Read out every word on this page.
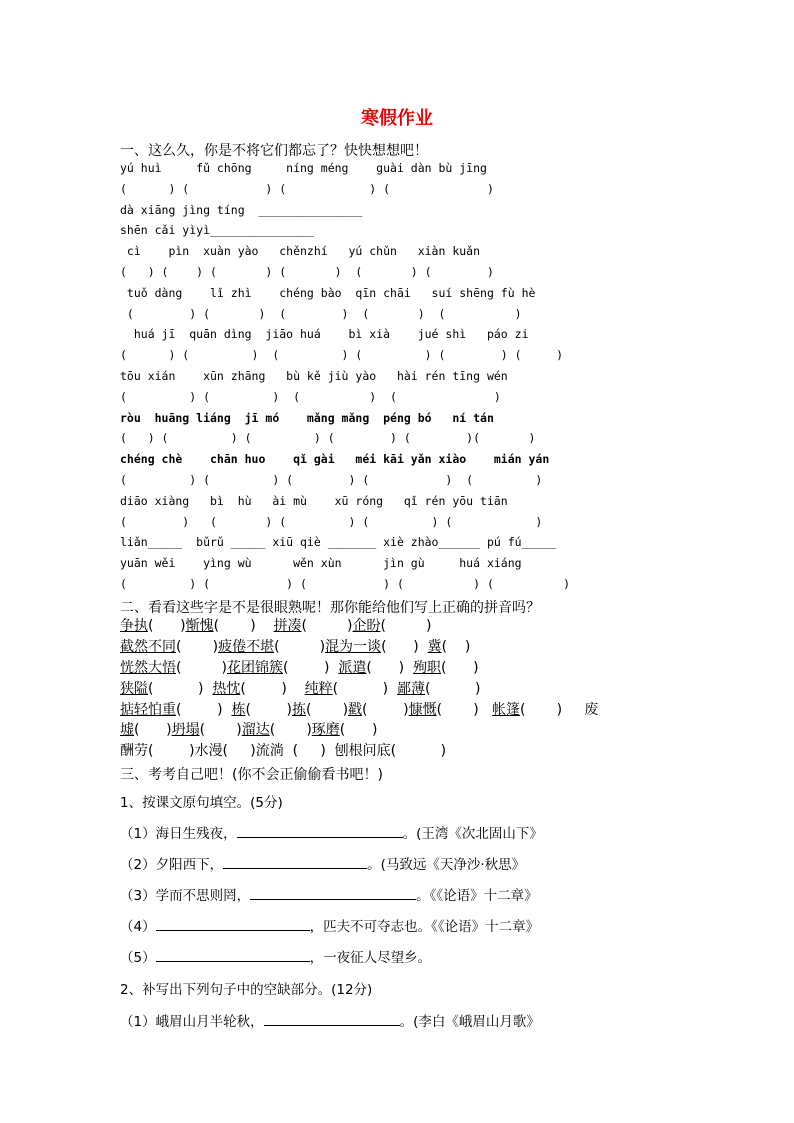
寒假作业
一、这么久，你是不将它们都忘了？快快想想吧！
yú huì     fǔ chōng     níng méng    guài dàn bù jīng
(      ) (           ) (            ) (              )
dà xiāng jìng tíng  _______________
shēn cǎi yìyì_______________
cì    pìn  xuàn yào   chěnzhí   yú chǔn   xiàn kuǎn
(   ) (    ) (       ) (       )  (       ) (        )
tuǒ dàng    lǐ zhì    chéng bào  qīn chāi   suí shēng fù hè
(        ) (       )  (        )  (       )  (          )
huá jī  quān dìng  jiāo huá    bì xià    jué shì   páo zi
(      ) (         )  (         ) (         ) (        ) (     )
tōu xián    xūn zhāng   bù kě jiù yào   hài rén tīng wén
(         ) (         )  (          )  (              )
ròu  huāng liáng  jī mó    mǎng mǎng  péng bó   ní tán
(   ) (         ) (         ) (        ) (        )(       )
chéng chè    chān huo    qǐ gài   méi kāi yǎn xiào    mián yán
(         ) (         ) (        ) (           )  (         )
diāo xiàng   bì  hù   ài mù    xū róng   qǐ rén yōu tiān
(        )   (       ) (         ) (         ) (            )
liǎn_____  bǔrǔ _____ xiū qiè _______ xiè zhào______ pú fú_____
yuān wěi    yìng wù      wěn xùn      jìn gù     huá xiáng
(         ) (           ) (           ) (          ) (          )
二、看看这些字是不是很眼熟呢！那你能给他们写上正确的拼音吗？
争执(      )惭愧(       )    拼凑(         )企盼(         )
截然不同(       )疲倦不堪(         )混为一谈(      )  冀(    )
恍然大悟(         )花团锦簇(        )  派遣(      )  殉职(      )
狭隘(          )  热忱(        )    纯粹(          )  鄙薄(          )
掂轻怕重(        )  栋(        )拣(       )戳(        )慷慨(       )   帐篷(       )     废
墟(      )坍塌(       )溜达(       )琢磨(      )
酬劳(        )水漫(     )流淌  (     )  刨根问底(          )
三、考考自己吧！(你不会正偷偷看书吧！)
1、按课文原句填空。(5分)
（1）海日生残夜，	。(王湾《次北固山下》
（2）夕阳西下，	。(马致远《天净沙·秋思》
（3）学而不思则罔，	。《《论语》十二章》
（4）	，匹夫不可夺志也。《《论语》十二章》
（5）	，一夜征人尽望乡。
2、补写出下列句子中的空缺部分。(12分)
（1）峨眉山月半轮秋，	。(李白《峨眉山月歌》
